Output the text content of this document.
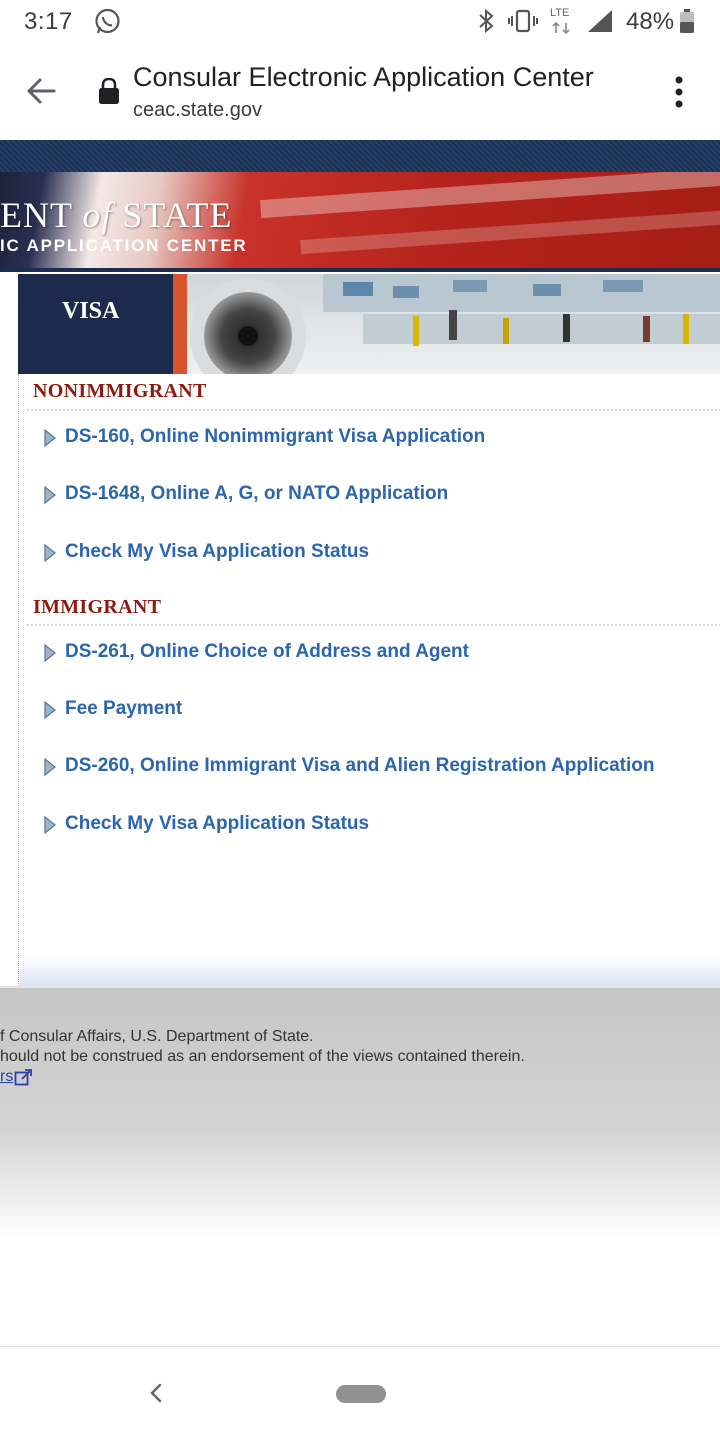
3:17	LTE 48%
Consular Electronic Application Center
ceac.state.gov
ENT of STATE
IC APPLICATION CENTER
VISA
NONIMMIGRANT
DS-160, Online Nonimmigrant Visa Application
DS-1648, Online A, G, or NATO Application
Check My Visa Application Status
IMMIGRANT
DS-261, Online Choice of Address and Agent
Fee Payment
DS-260, Online Immigrant Visa and Alien Registration Application
Check My Visa Application Status
f Consular Affairs, U.S. Department of State.
hould not be construed as an endorsement of the views contained therein.
rs
